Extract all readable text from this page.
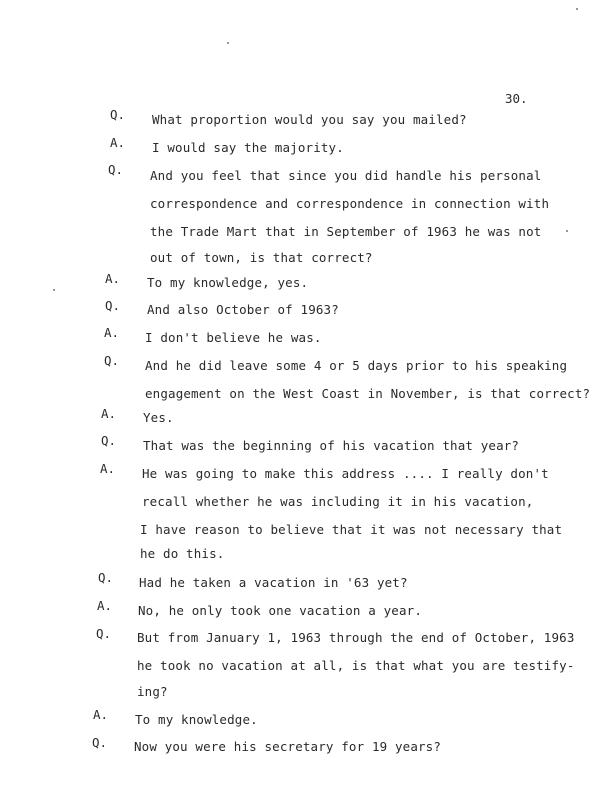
30.
Q. What proportion would you say you mailed?
A. I would say the majority.
Q. And you feel that since you did handle his personal
correspondence and correspondence in connection with
the Trade Mart that in September of 1963 he was not
out of town, is that correct?
A. To my knowledge, yes.
Q. And also October of 1963?
A. I don't believe he was.
Q. And he did leave some 4 or 5 days prior to his speaking
engagement on the West Coast in November, is that correct?
A. Yes.
Q. That was the beginning of his vacation that year?
A. He was going to make this address .... I really don't
recall whether he was including it in his vacation,
I have reason to believe that it was not necessary that
he do this.
Q. Had he taken a vacation in '63 yet?
A. No, he only took one vacation a year.
Q. But from January 1, 1963 through the end of October, 1963
he took no vacation at all, is that what you are testify-
ing?
A. To my knowledge.
Q. Now you were his secretary for 19 years?
